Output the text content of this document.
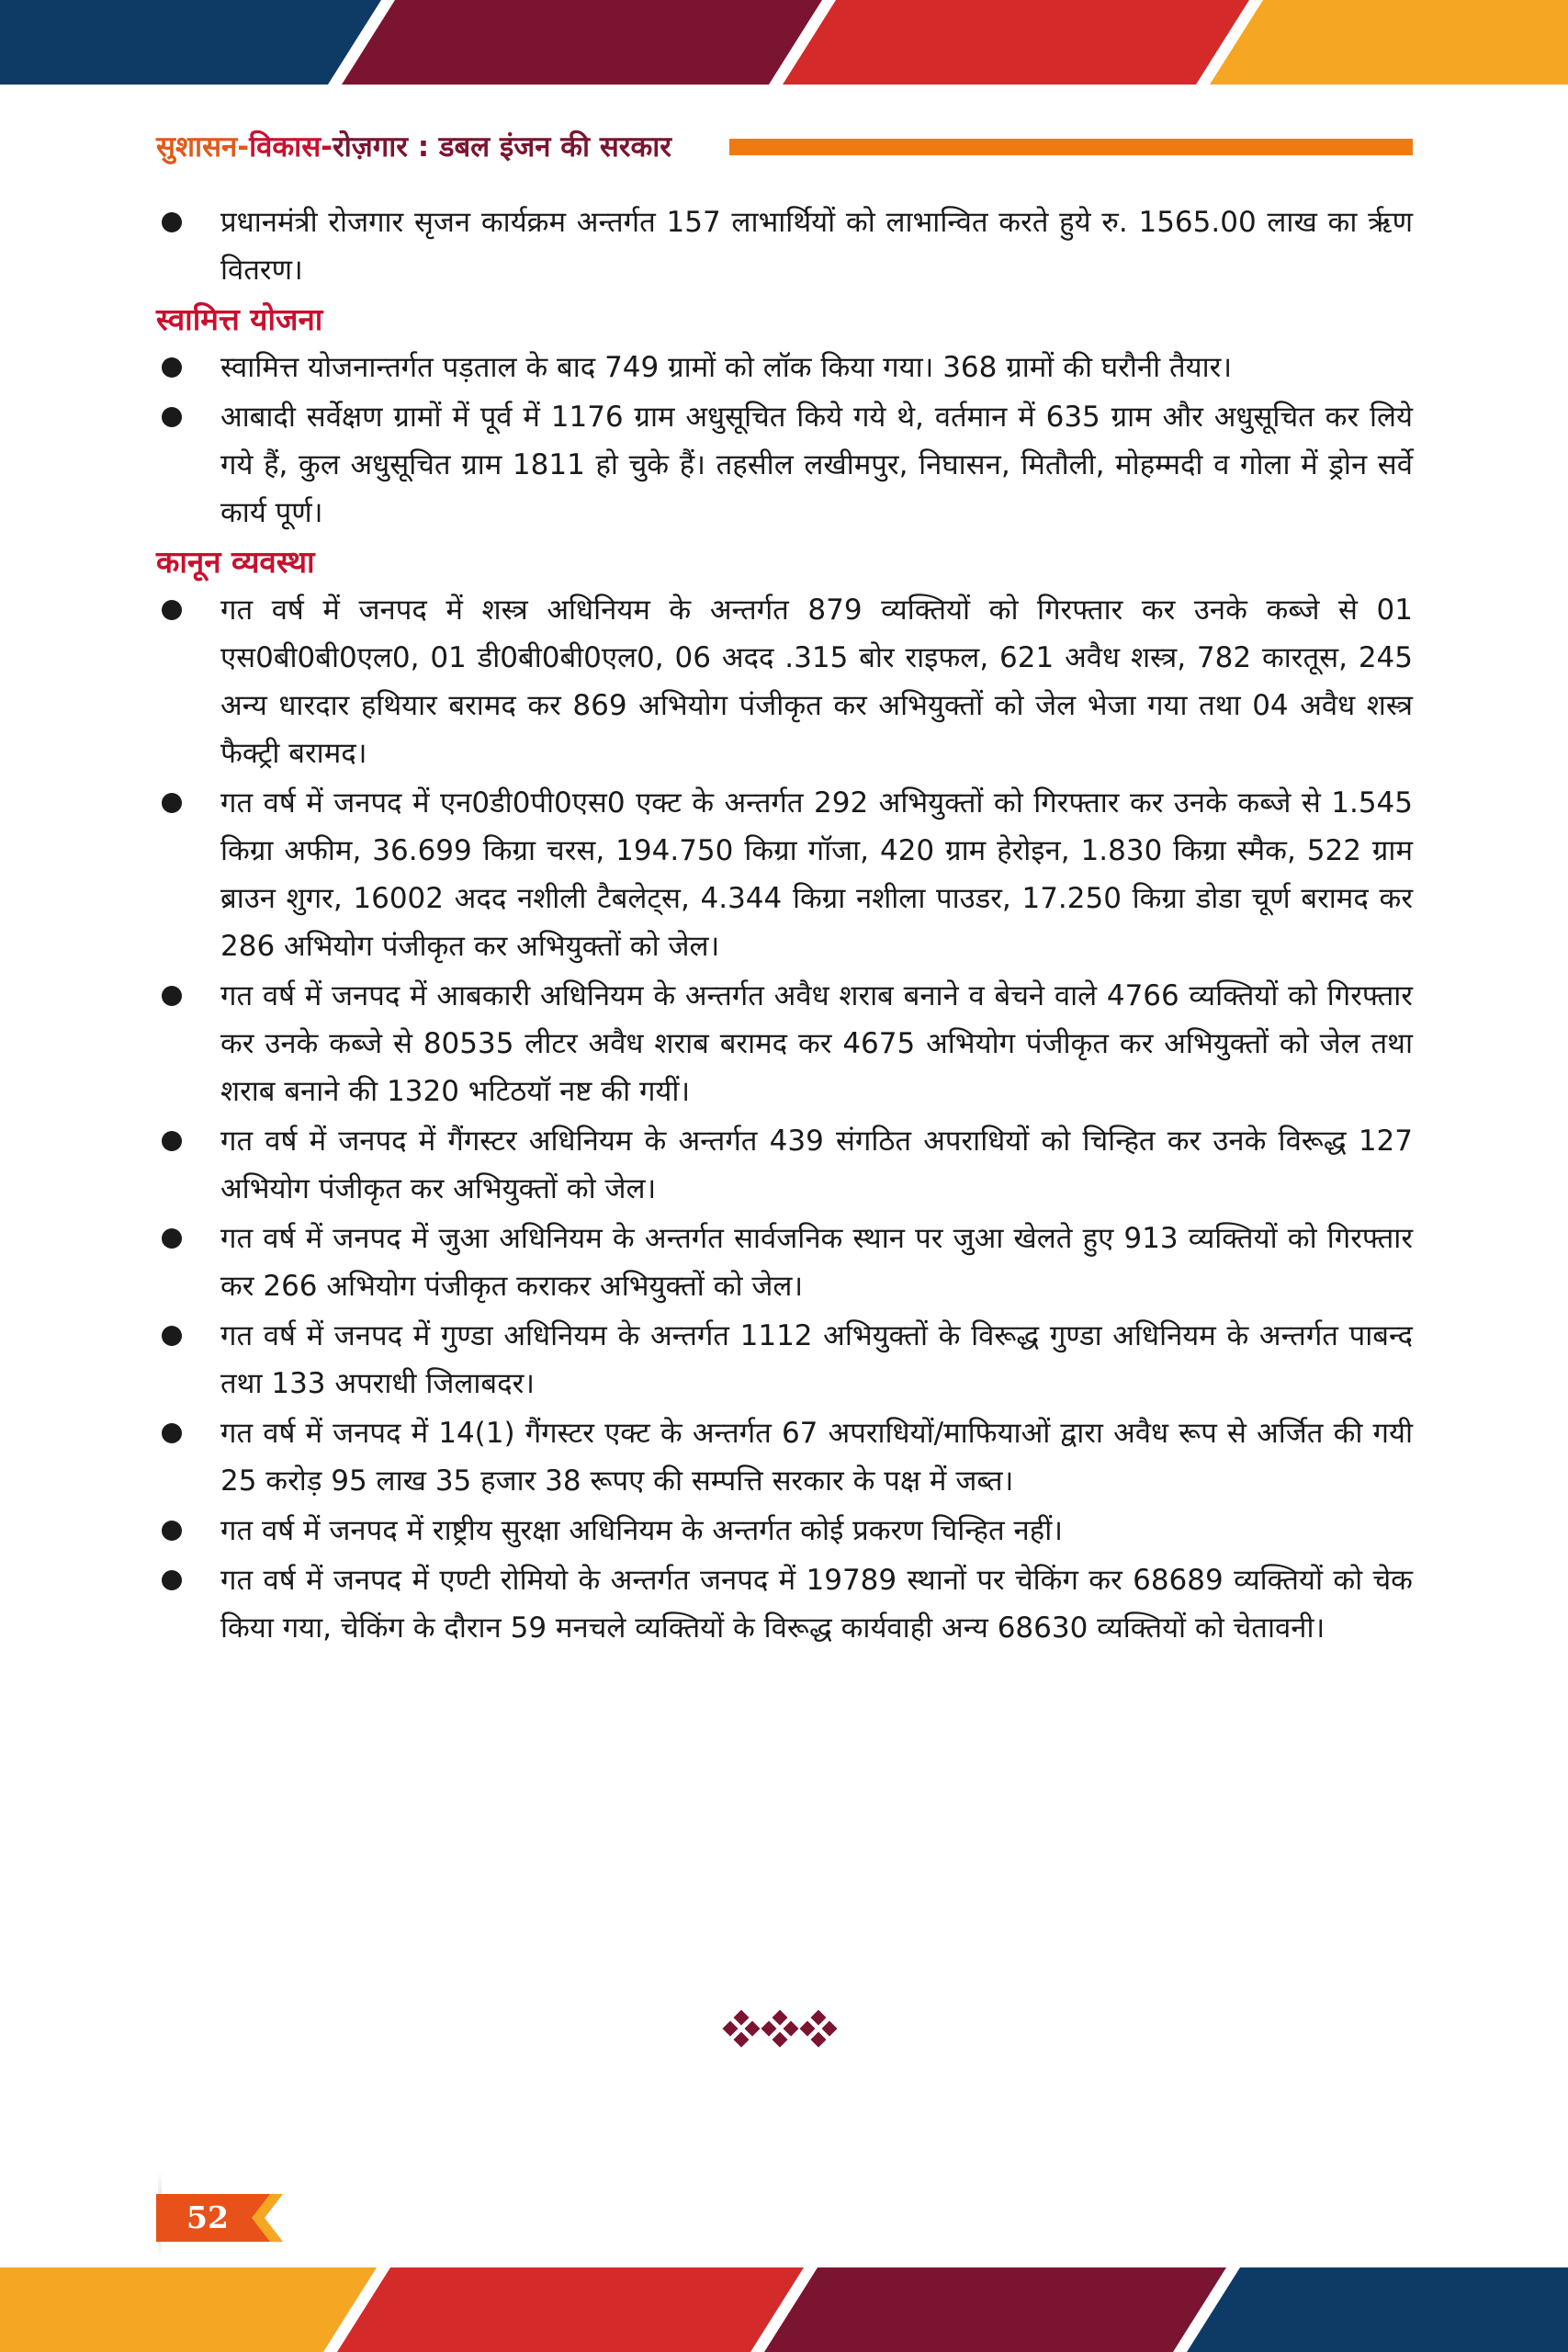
सुशासन-विकास-रोज़गार : डबल इंजन की सरकार
प्रधानमंत्री रोजगार सृजन कार्यक्रम अन्तर्गत 157 लाभार्थियों को लाभान्वित करते हुये रु. 1565.00 लाख का ऋृण वितरण।
स्वामित्त योजना
स्वामित्त योजनान्तर्गत पड़ताल के बाद 749 ग्रामों को लॉक किया गया। 368 ग्रामों की घरौनी तैयार।
आबादी सर्वेक्षण ग्रामों में पूर्व में 1176 ग्राम अधुसूचित किये गये थे, वर्तमान में 635 ग्राम और अधुसूचित कर लिये गये हैं, कुल अधुसूचित ग्राम 1811 हो चुके हैं। तहसील लखीमपुर, निघासन, मितौली, मोहम्मदी व गोला में ड्रोन सर्वे कार्य पूर्ण।
कानून व्यवस्था
गत वर्ष में जनपद में शस्त्र अधिनियम के अन्तर्गत 879 व्यक्तियों को गिरफ्तार कर उनके कब्जे से 01 एस0बी0बी0एल0, 01 डी0बी0बी0एल0, 06 अदद .315 बोर राइफल, 621 अवैध शस्त्र, 782 कारतूस, 245 अन्य धारदार हथियार बरामद कर 869 अभियोग पंजीकृत कर अभियुक्तों को जेल भेजा गया तथा 04 अवैध शस्त्र फैक्ट्री बरामद।
गत वर्ष में जनपद में एन0डी0पी0एस0 एक्ट के अन्तर्गत 292 अभियुक्तों को गिरफ्तार कर उनके कब्जे से 1.545 किग्रा अफीम, 36.699 किग्रा चरस, 194.750 किग्रा गॉजा, 420 ग्राम हेरोइन, 1.830 किग्रा स्मैक, 522 ग्राम ब्राउन शुगर, 16002 अदद नशीली टैबलेट्स, 4.344 किग्रा नशीला पाउडर, 17.250 किग्रा डोडा चूर्ण बरामद कर 286 अभियोग पंजीकृत कर अभियुक्तों को जेल।
गत वर्ष में जनपद में आबकारी अधिनियम के अन्तर्गत अवैध शराब बनाने व बेचने वाले 4766 व्यक्तियों को गिरफ्तार कर उनके कब्जे से 80535 लीटर अवैध शराब बरामद कर 4675 अभियोग पंजीकृत कर अभियुक्तों को जेल तथा शराब बनाने की 1320 भटिठयॉ नष्ट की गयीं।
गत वर्ष में जनपद में गैंगस्टर अधिनियम के अन्तर्गत 439 संगठित अपराधियों को चिन्हित कर उनके विरूद्ध 127 अभियोग पंजीकृत कर अभियुक्तों को जेल।
गत वर्ष में जनपद में जुआ अधिनियम के अन्तर्गत सार्वजनिक स्थान पर जुआ खेलते हुए 913 व्यक्तियों को गिरफ्तार कर 266 अभियोग पंजीकृत कराकर अभियुक्तों को जेल।
गत वर्ष में जनपद में गुण्डा अधिनियम के अन्तर्गत 1112 अभियुक्तों के विरूद्ध गुण्डा अधिनियम के अन्तर्गत पाबन्द तथा 133 अपराधी जिलाबदर।
गत वर्ष में जनपद में 14(1) गैंगस्टर एक्ट के अन्तर्गत 67 अपराधियों/माफियाओं द्वारा अवैध रूप से अर्जित की गयी 25 करोड़ 95 लाख 35 हजार 38 रूपए की सम्पत्ति सरकार के पक्ष में जब्त।
गत वर्ष में जनपद में राष्ट्रीय सुरक्षा अधिनियम के अन्तर्गत कोई प्रकरण चिन्हित नहीं।
गत वर्ष में जनपद में एण्टी रोमियो के अन्तर्गत जनपद में 19789 स्थानों पर चेकिंग कर 68689 व्यक्तियों को चेक किया गया, चेकिंग के दौरान 59 मनचले व्यक्तियों के विरूद्ध कार्यवाही अन्य 68630 व्यक्तियों को चेतावनी।
52
